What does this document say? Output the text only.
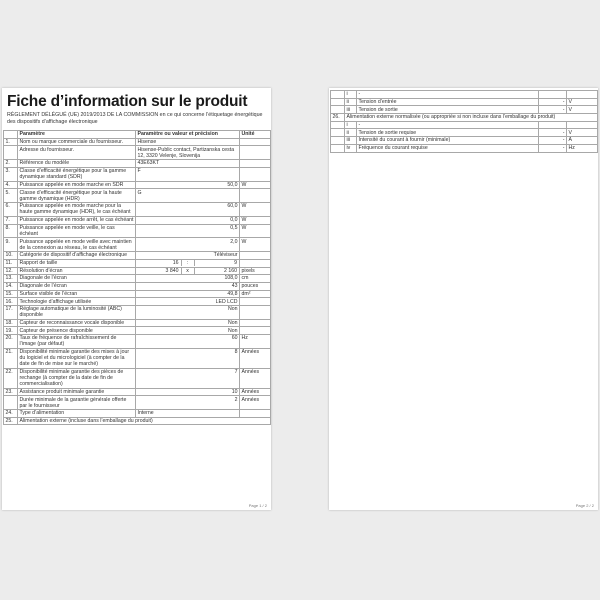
Fiche d’information sur le produit
RÈGLEMENT DÉLÉGUÉ (UE) 2019/2013 DE LA COMMISSION en ce qui concerne l’étiquetage énergétique des dispositifs d’affichage électronique
	Paramètre	Paramètre ou valeur et précision	Unité
1.	Nom ou marque commerciale du fournisseur.	Hisense	
	Adresse du fournisseur.	Hisense-Public contact, Partizanska cesta 12, 3320 Velenje, Slovenija	
2.	Référence du modèle	43E63KT	
3.	Classe d’efficacité énergétique pour la gamme dynamique standard (SDR)	F	
4.	Puissance appelée en mode marche en SDR	50,0	W
5.	Classe d’efficacité énergétique pour la haute gamme dynamique (HDR)	G	
6.	Puissance appelée en mode marche pour la haute gamme dynamique (HDR), le cas échéant	60,0	W
7.	Puissance appelée en mode arrêt, le cas échéant	0,0	W
8.	Puissance appelée en mode veille, le cas échéant	0,5	W
9.	Puissance appelée en mode veille avec maintien de la connexion au réseau, le cas échéant	2,0	W
10.	Catégorie de dispositif d’affichage électronique	Téléviseur	
11.	Rapport de taille	16 : 9	

12.	Résolution d’écran	3 840 x 2 160	pixels
13.	Diagonale de l’écran	108,0	cm
14.	Diagonale de l’écran	43	pouces
15.	Surface visible de l’écran	49,8	dm²
16.	Technologie d’affichage utilisée	LED LCD	
17.	Réglage automatique de la luminosité (ABC) disponible	Non	
18.	Capteur de reconnaissance vocale disponible	Non	
19.	Capteur de présence disponible	Non	
20.	Taux de fréquence de rafraîchissement de l’image (par défaut)	60	Hz
21.	Disponibilité minimale garantie des mises à jour du logiciel et du micrologiciel (à compter de la date de fin de mise sur le marché)	8	Années
22.	Disponibilité minimale garantie des pièces de rechange (à compter de la date de fin de commercialisation)	7	Années
23.	Assistance produit minimale garantie	10	Années
	Durée minimale de la garantie générale offerte par le fournisseur	2	Années
24.	Type d’alimentation	Interne	
25.	Alimentation externe (incluse dans l’emballage du produit)		
Page 1 / 2
	i	-		
	ii	Tension d’entrée	-	V
	iii	Tension de sortie	-	V
26.	Alimentation externe normalisée (ou appropriée si non incluse dans l’emballage du produit)			
	i	-		
	ii	Tension de sortie requise	-	V
	iii	Intensité du courant à fournir (minimale)	-	A
	iv	Fréquence du courant requise	-	Hz
Page 2 / 2
